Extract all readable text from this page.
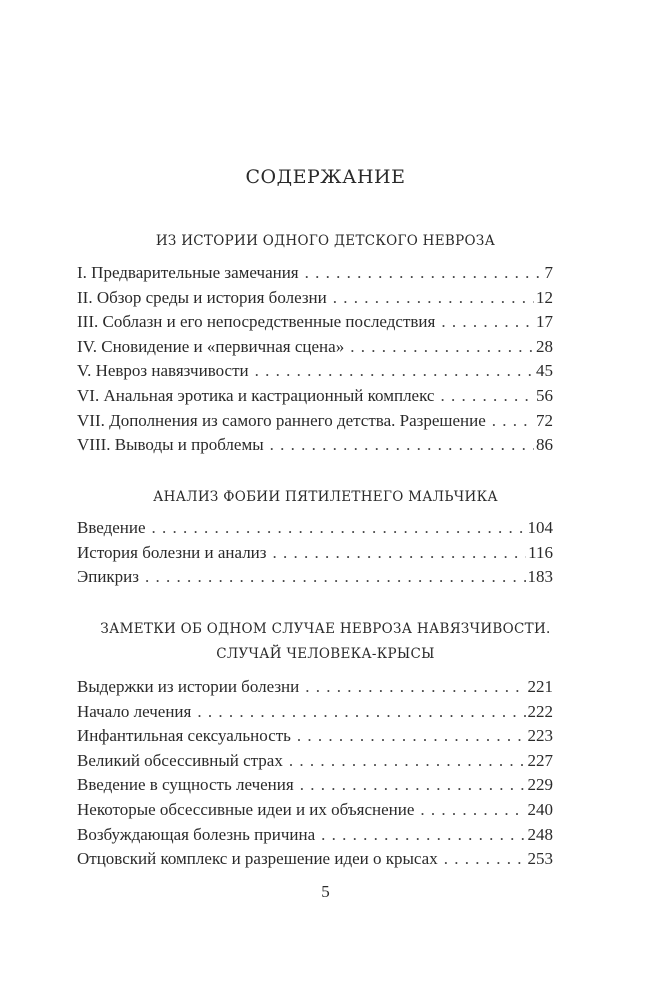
СОДЕРЖАНИЕ
ИЗ ИСТОРИИ ОДНОГО ДЕТСКОГО НЕВРОЗА
I. Предварительные замечания . . .	7
II. Обзор среды и история болезни . . .	12
III. Соблазн и его непосредственные последствия . . .	17
IV. Сновидение и «первичная сцена» . . .	28
V. Невроз навязчивости . . .	45
VI. Анальная эротика и кастрационный комплекс . . .	56
VII. Дополнения из самого раннего детства. Разрешение . . .	72
VIII. Выводы и проблемы . . .	86
АНАЛИЗ ФОБИИ ПЯТИЛЕТНЕГО МАЛЬЧИКА
Введение . . .	104
История болезни и анализ . . .	116
Эпикриз . . .	183
ЗАМЕТКИ ОБ ОДНОМ СЛУЧАЕ НЕВРОЗА НАВЯЗЧИВОСТИ.
СЛУЧАЙ ЧЕЛОВЕКА-КРЫСЫ
Выдержки из истории болезни . . .	221
Начало лечения . . .	222
Инфантильная сексуальность . . .	223
Великий обсессивный страх . . .	227
Введение в сущность лечения . . .	229
Некоторые обсессивные идеи и их объяснение . . .	240
Возбуждающая болезнь причина . . .	248
Отцовский комплекс и разрешение идеи о крысах . . .	253
5
